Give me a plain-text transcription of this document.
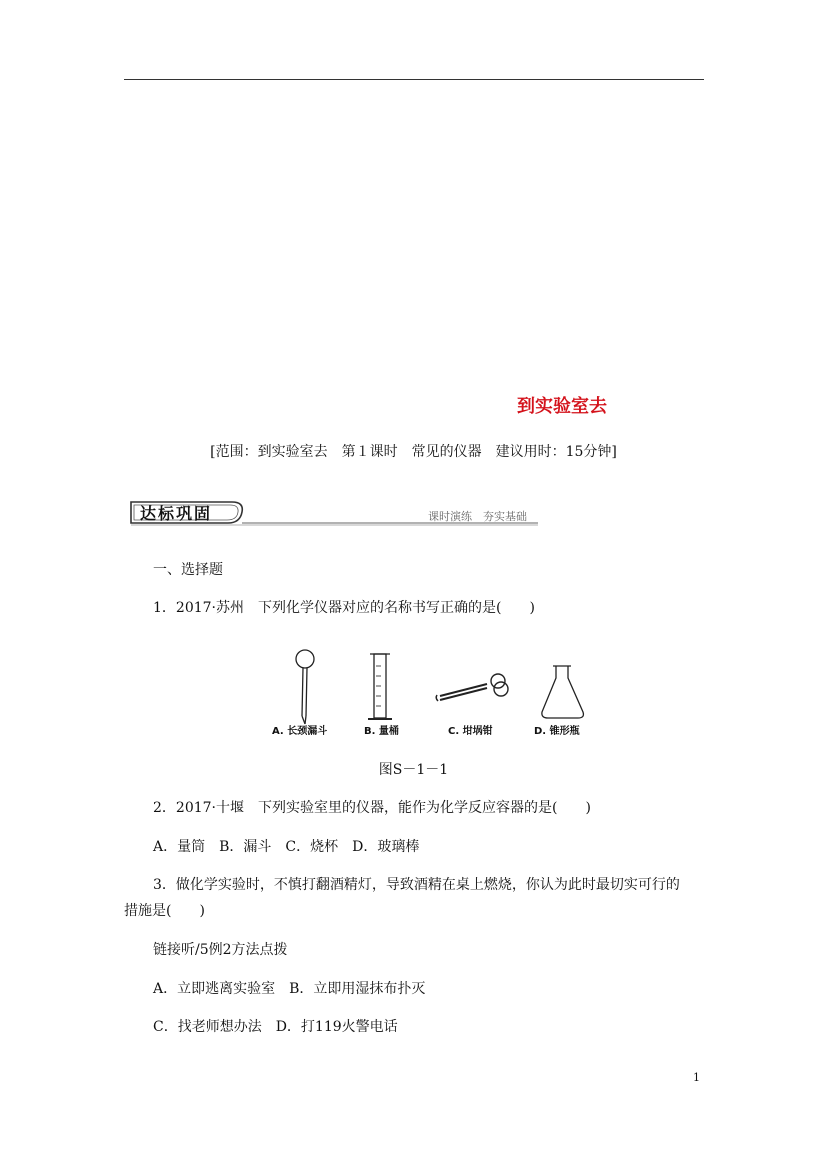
到实验室去
[范围：到实验室去　第１课时　常见的仪器　建议用时：15分钟]
达标巩固	课时演练　夯实基础
一、选择题
1．2017·苏州　下列化学仪器对应的名称书写正确的是(　　)
A. 长颈漏斗	B. 量桶	C. 坩埚钳	D. 锥形瓶
图S－1－1
2．2017·十堰　下列实验室里的仪器，能作为化学反应容器的是(　　)
A．量筒　B．漏斗　C．烧杯　D．玻璃棒
3．做化学实验时，不慎打翻酒精灯，导致酒精在桌上燃烧，你认为此时最切实可行的
措施是(　　)
链接听/5例2方法点拨
A．立即逃离实验室　B．立即用湿抹布扑灭
C．找老师想办法　D．打119火警电话
1
